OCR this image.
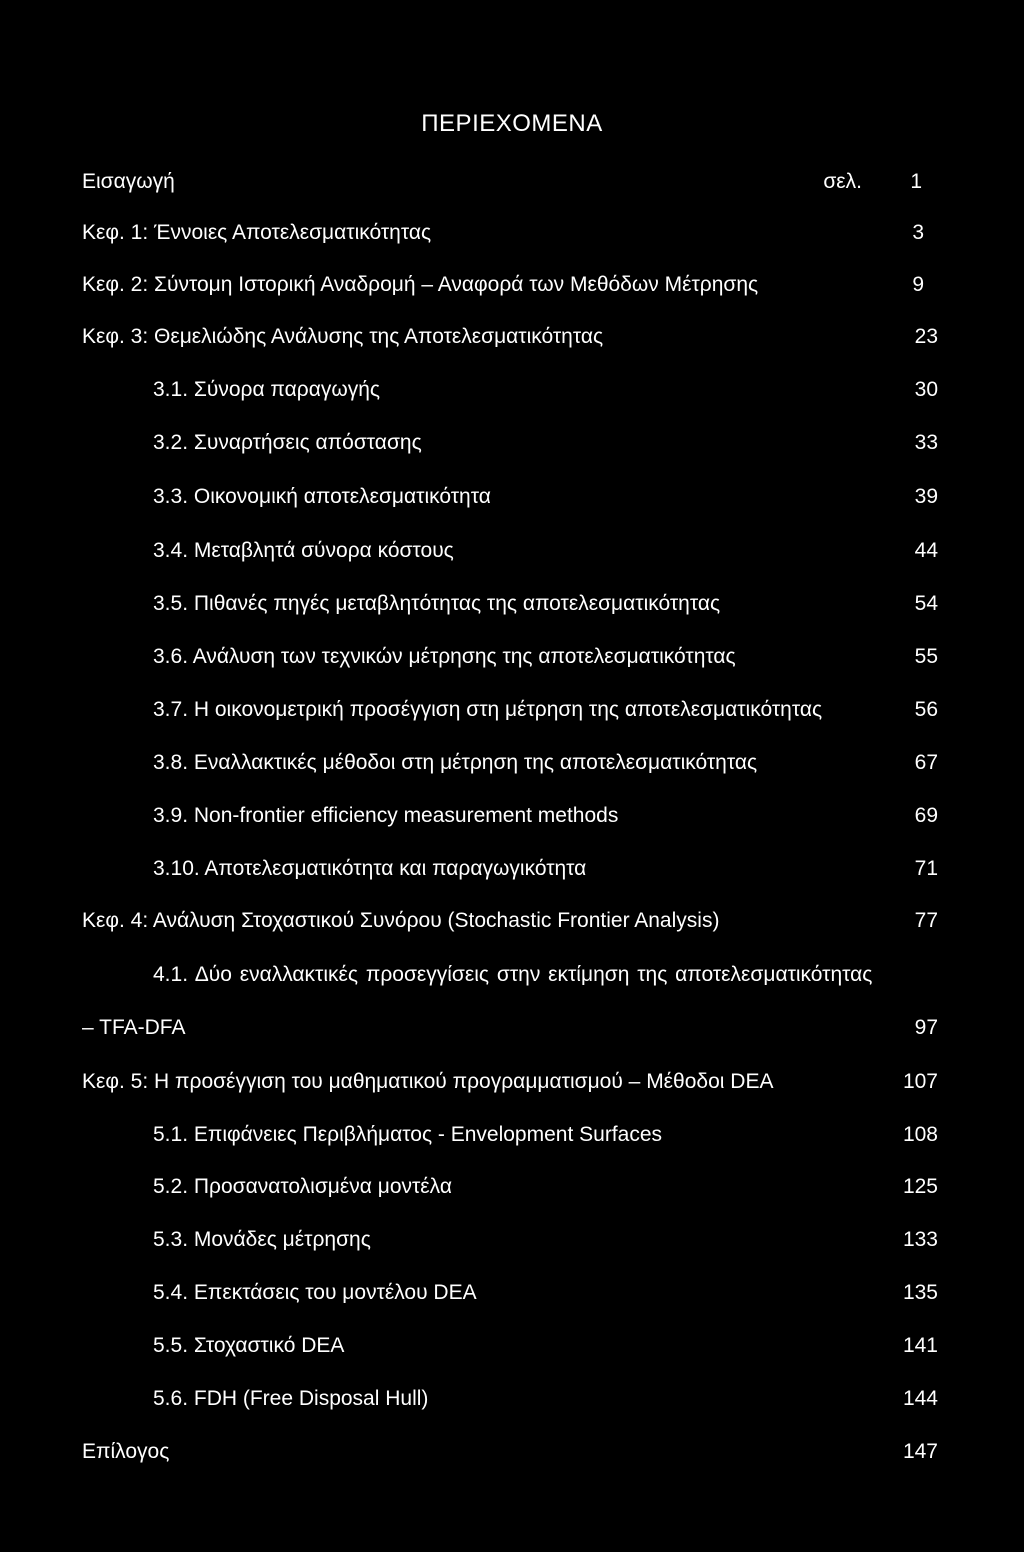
ΠΕΡΙΕΧΟΜΕΝΑ
Εισαγωγή	σελ. 1
Κεφ. 1: Έννοιες Αποτελεσματικότητας	3
Κεφ. 2: Σύντομη Ιστορική Αναδρομή – Αναφορά των Μεθόδων Μέτρησης	9
Κεφ. 3: Θεμελιώδης Ανάλυσης της Αποτελεσματικότητας	23
3.1. Σύνορα παραγωγής	30
3.2. Συναρτήσεις απόστασης	33
3.3. Οικονομική αποτελεσματικότητα	39
3.4. Μεταβλητά σύνορα κόστους	44
3.5. Πιθανές πηγές μεταβλητότητας της αποτελεσματικότητας	54
3.6. Ανάλυση των τεχνικών μέτρησης της αποτελεσματικότητας	55
3.7. Η οικονομετρική προσέγγιση στη μέτρηση της αποτελεσματικότητας	56
3.8. Εναλλακτικές μέθοδοι στη μέτρηση της αποτελεσματικότητας	67
3.9. Non-frontier efficiency measurement methods	69
3.10. Αποτελεσματικότητα και παραγωγικότητα	71
Κεφ. 4: Ανάλυση Στοχαστικού Συνόρου (Stochastic Frontier Analysis)	77
4.1. Δύο εναλλακτικές προσεγγίσεις στην εκτίμηση της αποτελεσματικότητας
– TFA-DFA	97
Κεφ. 5: Η προσέγγιση του μαθηματικού προγραμματισμού – Μέθοδοι DEA	107
5.1. Επιφάνειες Περιβλήματος - Envelopment Surfaces	108
5.2. Προσανατολισμένα μοντέλα	125
5.3. Μονάδες μέτρησης	133
5.4. Επεκτάσεις του μοντέλου DEA	135
5.5. Στοχαστικό DEA	141
5.6. FDH (Free Disposal Hull)	144
Επίλογος	147
